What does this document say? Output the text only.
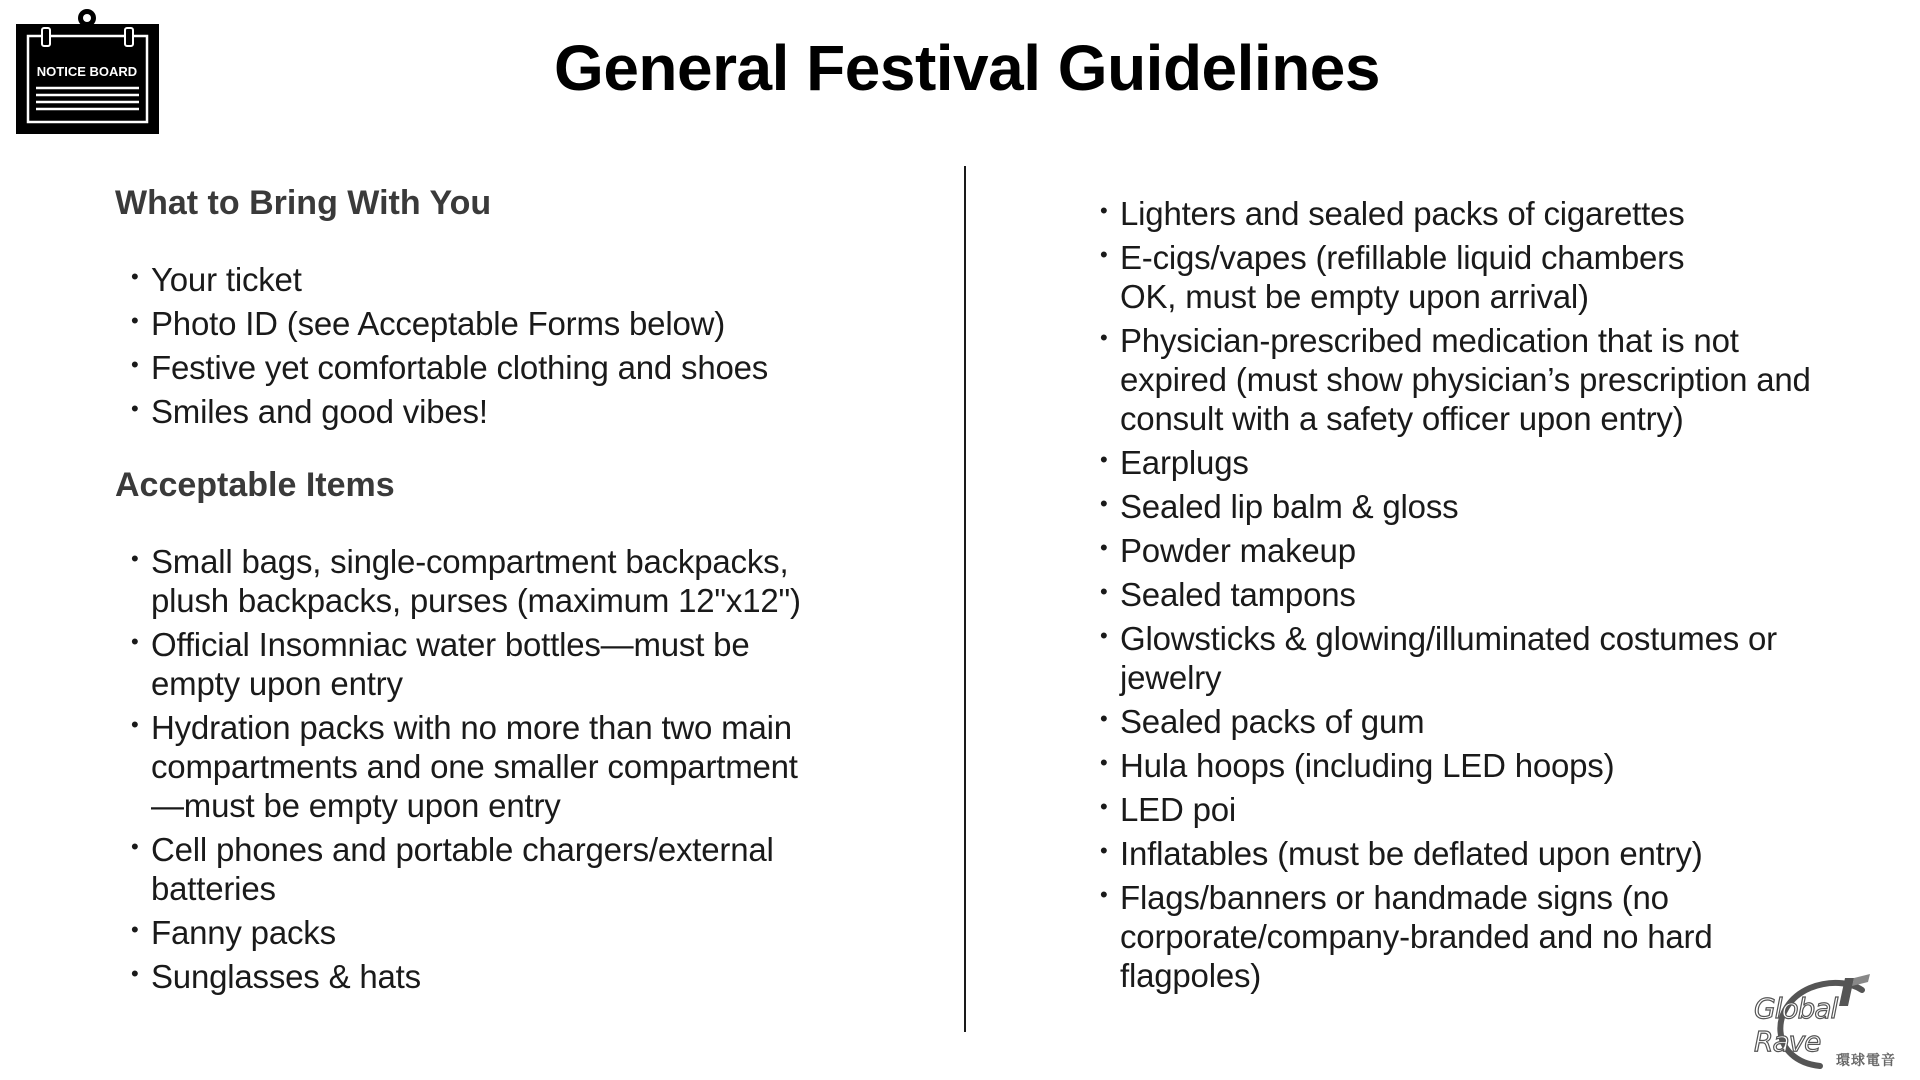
NOTICE BOARD	General Festival Guidelines
What to Bring With You
• Your ticket
• Photo ID (see Acceptable Forms below)
• Festive yet comfortable clothing and shoes
• Smiles and good vibes!
Acceptable Items
• Small bags, single-compartment backpacks, plush backpacks, purses (maximum 12"x12")
• Official Insomniac water bottles—must be empty upon entry
• Hydration packs with no more than two main compartments and one smaller compartment —must be empty upon entry
• Cell phones and portable chargers/external batteries
• Fanny packs
• Sunglasses & hats
• Lighters and sealed packs of cigarettes
• E-cigs/vapes (refillable liquid chambers OK, must be empty upon arrival)
• Physician-prescribed medication that is not expired (must show physician’s prescription and consult with a safety officer upon entry)
• Earplugs
• Sealed lip balm & gloss
• Powder makeup
• Sealed tampons
• Glowsticks & glowing/illuminated costumes or jewelry
• Sealed packs of gum
• Hula hoops (including LED hoops)
• LED poi
• Inflatables (must be deflated upon entry)
• Flags/banners or handmade signs (no corporate/company-branded and no hard flagpoles)
Global Rave
環球電音
